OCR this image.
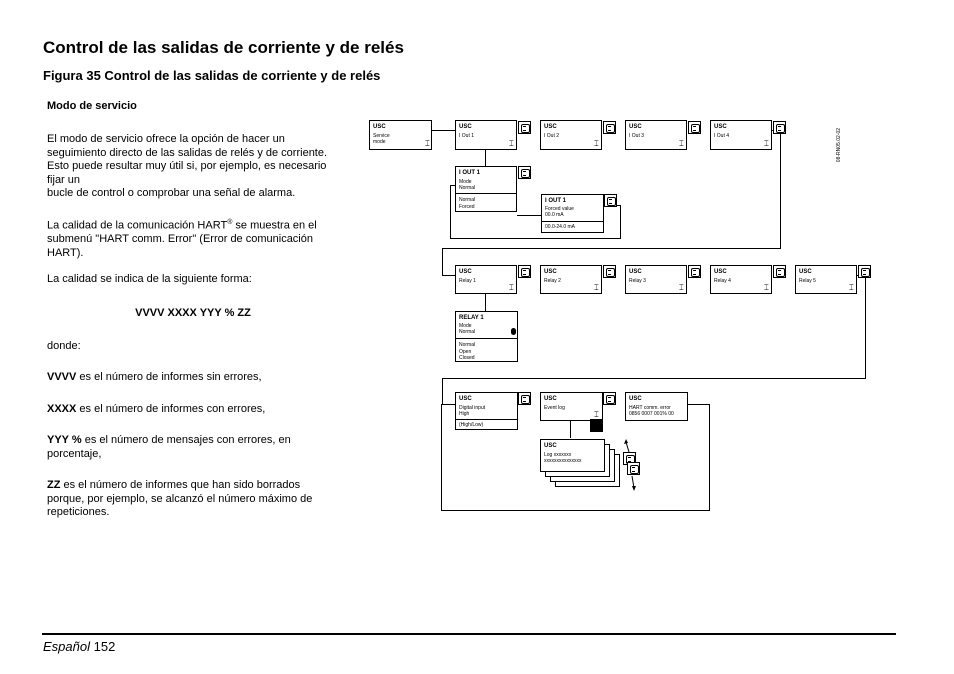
Control de las salidas de corriente y de relés
Figura 35 Control de las salidas de corriente y de relés
Modo de servicio
El modo de servicio ofrece la opción de hacer un seguimiento directo de las salidas de relés y de corriente. Esto puede resultar muy útil si, por ejemplo, es necesario fijar un
bucle de control o comprobar una señal de alarma.
La calidad de la comunicación HART® se muestra en el submenú "HART comm. Error" (Error de comunicación HART).
La calidad se indica de la siguiente forma:
VVVV XXXX YYY % ZZ
donde:
VVVV es el número de informes sin errores,
XXXX es el número de informes con errores,
YYY % es el número de mensajes con errores, en porcentaje,
ZZ es el número de informes que han sido borrados porque, por ejemplo, se alcanzó el número máximo de repeticiones.
USC
Service
mode	⌶
USC
I Out 1
⌶
USC
I Out 2
⌶
USC
I Out 3
⌶
USC
I Out 4
⌶
I OUT 1
Mode
Normal
Normal
Forced
I OUT 1
Forced value
00.0 mA
00.0-24.0 mA
USC
Relay 1
⌶
USC
Relay 2
⌶
USC
Relay 3
⌶
USC
Relay 4
⌶
USC
Relay 5
⌶
RELAY 1
Mode
Normal
Normal
Open
Closed
USC
Digital input
High
(High/Low)
USC
Event log
⌶
USC
HART comm. error
0856 0007 001% 00
USC
Log xxxxxxx
xxxxxxxxxxxxxxx
08-RN05.02-02
Español 152
